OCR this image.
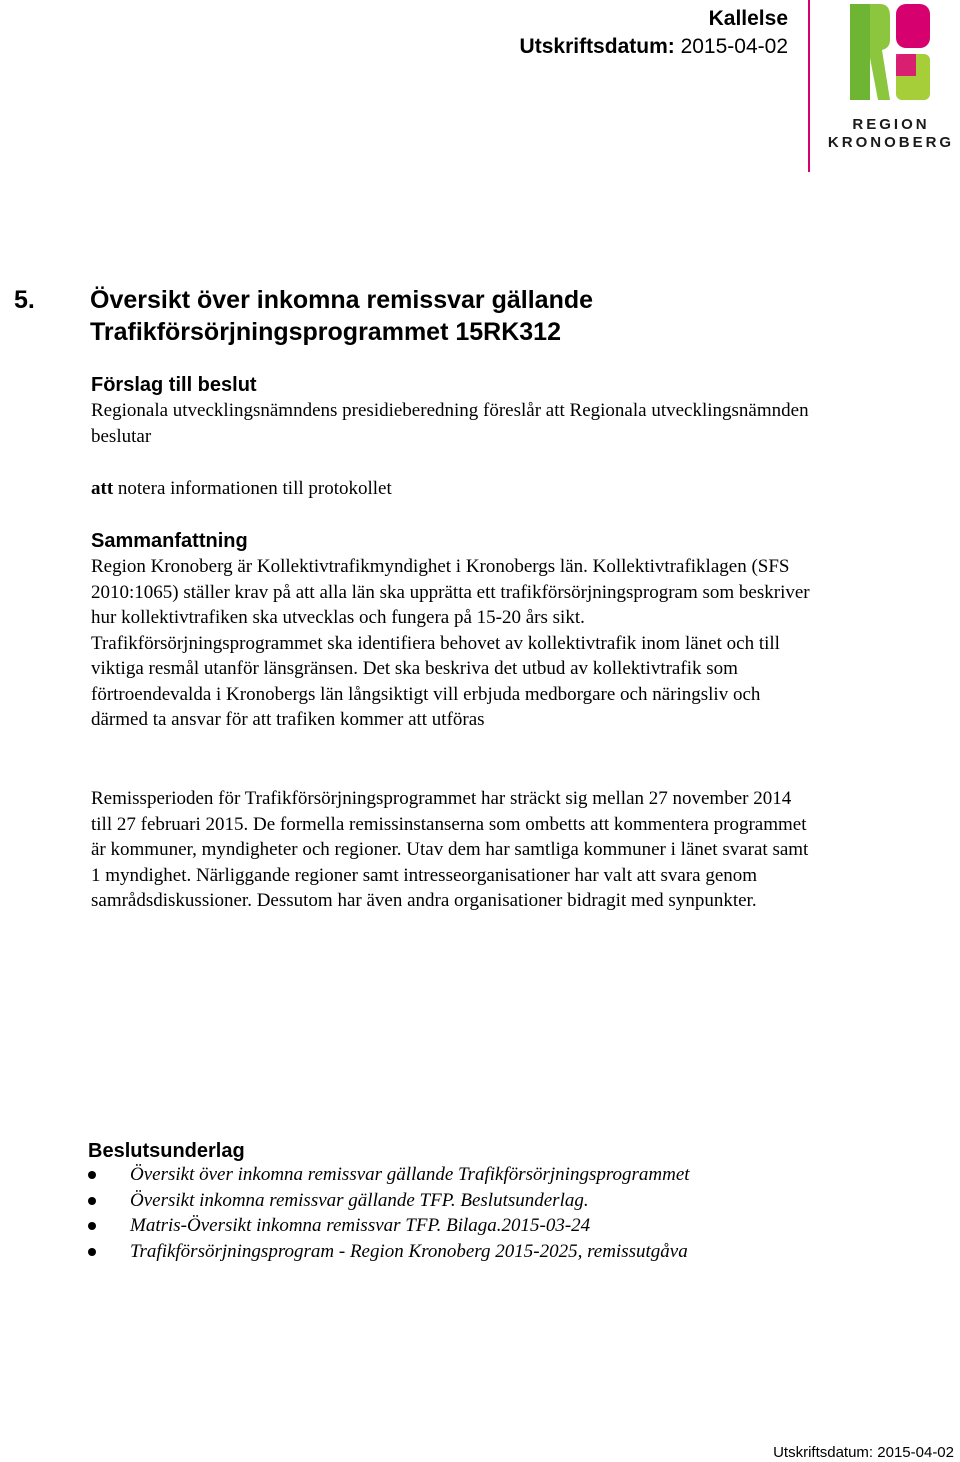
Kallelse
Utskriftsdatum: 2015-04-02
REGION
KRONOBERG
5. Översikt över inkomna remissvar gällande Trafikförsörjningsprogrammet 15RK312
Förslag till beslut
Regionala utvecklingsnämndens presidieberedning föreslår att Regionala utvecklingsnämnden beslutar
att notera informationen till protokollet
Sammanfattning
Region Kronoberg är Kollektivtrafikmyndighet i Kronobergs län. Kollektivtrafiklagen (SFS 2010:1065) ställer krav på att alla län ska upprätta ett trafikförsörjningsprogram som beskriver hur kollektivtrafiken ska utvecklas och fungera på 15-20 års sikt. Trafikförsörjningsprogrammet ska identifiera behovet av kollektivtrafik inom länet och till viktiga resmål utanför länsgränsen. Det ska beskriva det utbud av kollektivtrafik som förtroendevalda i Kronobergs län långsiktigt vill erbjuda medborgare och näringsliv och därmed ta ansvar för att trafiken kommer att utföras
Remissperioden för Trafikförsörjningsprogrammet har sträckt sig mellan 27 november 2014 till 27 februari 2015. De formella remissinstanserna som ombetts att kommentera programmet är kommuner, myndigheter och regioner. Utav dem har samtliga kommuner i länet svarat samt 1 myndighet. Närliggande regioner samt intresseorganisationer har valt att svara genom samrådsdiskussioner. Dessutom har även andra organisationer bidragit med synpunkter.
Beslutsunderlag
Översikt över inkomna remissvar gällande Trafikförsörjningsprogrammet
Översikt inkomna remissvar gällande TFP. Beslutsunderlag.
Matris-Översikt inkomna remissvar TFP. Bilaga.2015-03-24
Trafikförsörjningsprogram - Region Kronoberg 2015-2025, remissutgåva
Utskriftsdatum: 2015-04-02
